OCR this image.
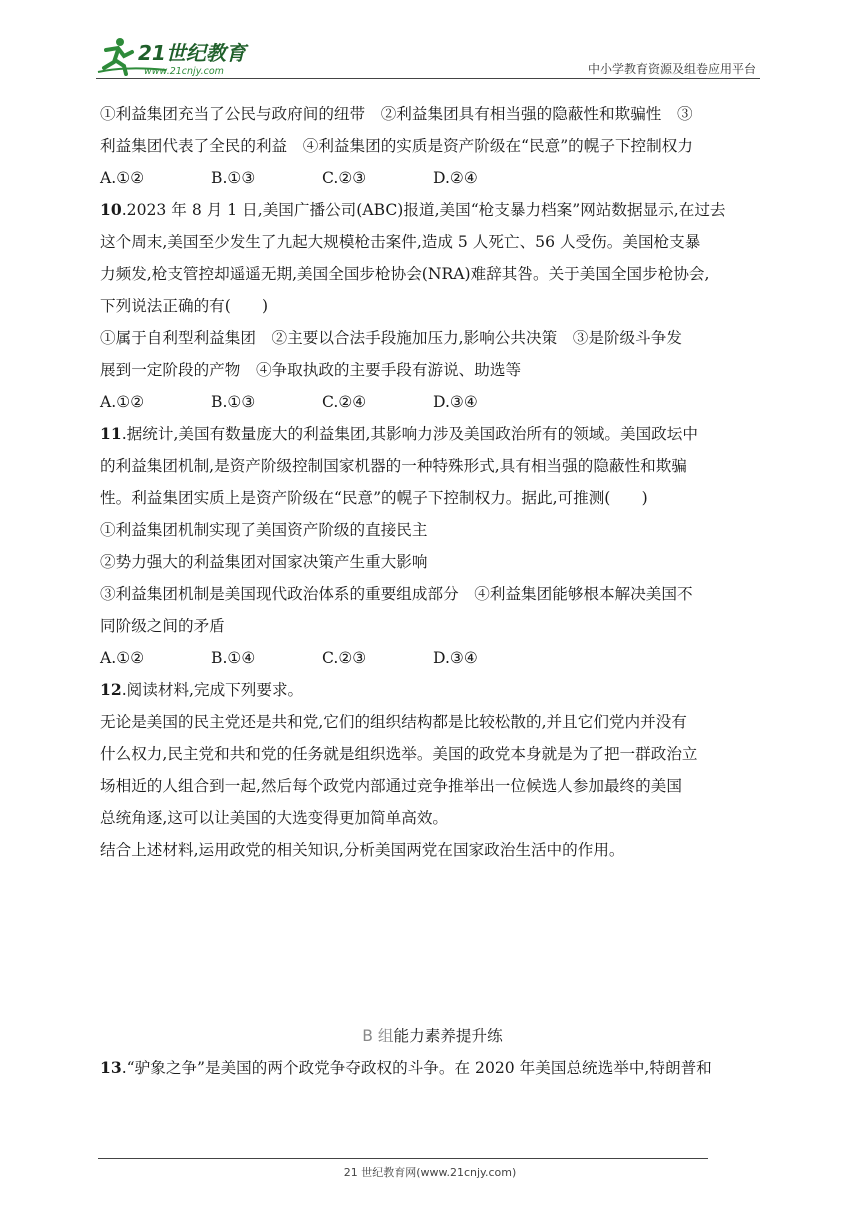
21世纪教育
www.21cnjy.com	中小学教育资源及组卷应用平台
①利益集团充当了公民与政府间的纽带　②利益集团具有相当强的隐蔽性和欺骗性　③
利益集团代表了全民的利益　④利益集团的实质是资产阶级在“民意”的幌子下控制权力
A.①②	B.①③	C.②③	D.②④
10.2023 年 8 月 1 日,美国广播公司(ABC)报道,美国“枪支暴力档案”网站数据显示,在过去
这个周末,美国至少发生了九起大规模枪击案件,造成 5 人死亡、56 人受伤。美国枪支暴
力频发,枪支管控却遥遥无期,美国全国步枪协会(NRA)难辞其咎。关于美国全国步枪协会,
下列说法正确的有(　　)
①属于自利型利益集团　②主要以合法手段施加压力,影响公共决策　③是阶级斗争发
展到一定阶段的产物　④争取执政的主要手段有游说、助选等
A.①②	B.①③	C.②④	D.③④
11.据统计,美国有数量庞大的利益集团,其影响力涉及美国政治所有的领域。美国政坛中
的利益集团机制,是资产阶级控制国家机器的一种特殊形式,具有相当强的隐蔽性和欺骗
性。利益集团实质上是资产阶级在“民意”的幌子下控制权力。据此,可推测(　　)
①利益集团机制实现了美国资产阶级的直接民主
②势力强大的利益集团对国家决策产生重大影响
③利益集团机制是美国现代政治体系的重要组成部分　④利益集团能够根本解决美国不
同阶级之间的矛盾
A.①②	B.①④	C.②③	D.③④
12.阅读材料,完成下列要求。
无论是美国的民主党还是共和党,它们的组织结构都是比较松散的,并且它们党内并没有
什么权力,民主党和共和党的任务就是组织选举。美国的政党本身就是为了把一群政治立
场相近的人组合到一起,然后每个政党内部通过竞争推举出一位候选人参加最终的美国
总统角逐,这可以让美国的大选变得更加简单高效。
结合上述材料,运用政党的相关知识,分析美国两党在国家政治生活中的作用。
B 组能力素养提升练
13.“驴象之争”是美国的两个政党争夺政权的斗争。在 2020 年美国总统选举中,特朗普和
21 世纪教育网(www.21cnjy.com)
